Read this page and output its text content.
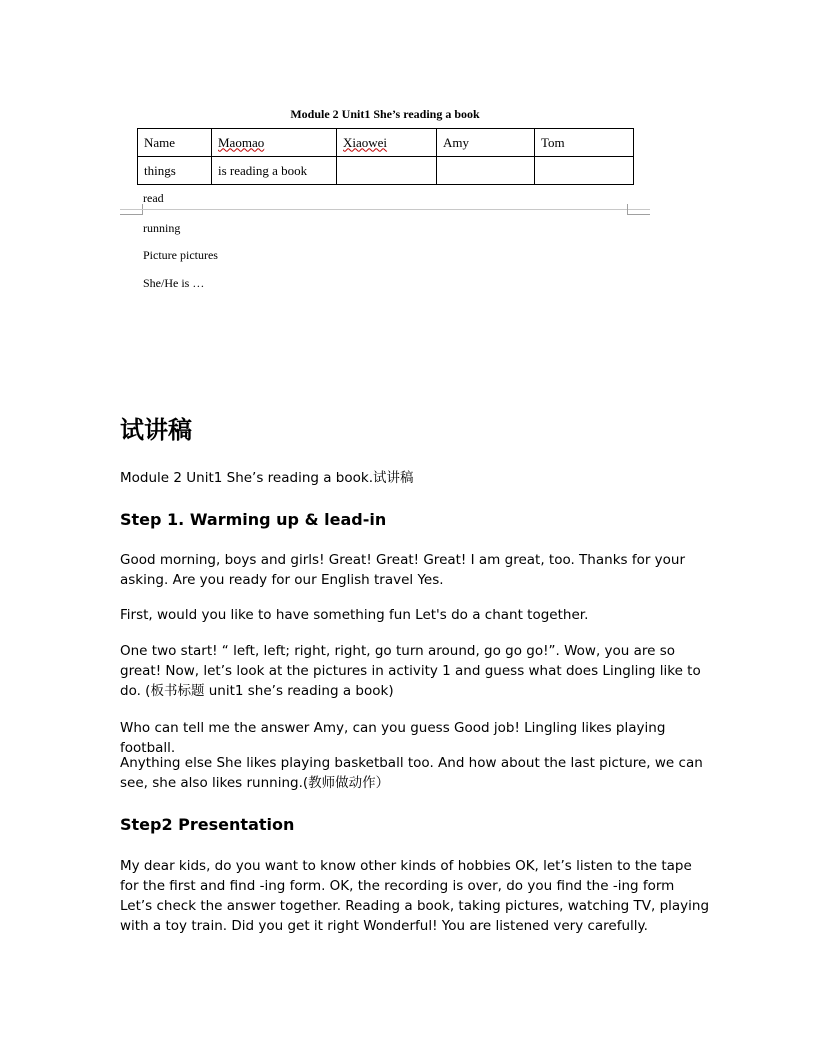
Module 2 Unit1 She’s reading a book
Name	Maomao	Xiaowei	Amy	Tom
things	is reading a book			
read
running
Picture pictures
She/He is …
试讲稿

Module 2 Unit1 She’s reading a book.试讲稿

Step 1. Warming up & lead-in

Good morning, boys and girls! Great! Great! Great! I am great, too. Thanks for your asking. Are you ready for our English travel Yes.

First, would you like to have something fun Let's do a chant together.

One two start! “ left, left; right, right, go turn around, go go go!”. Wow, you are so great! Now, let’s look at the pictures in activity 1 and guess what does Lingling like to do. (板书标题 unit1 she’s reading a book)

Who can tell me the answer Amy, can you guess Good job! Lingling likes playing football.

Anything else She likes playing basketball too. And how about the last picture, we can see, she also likes running.(教师做动作）

Step2 Presentation

My dear kids, do you want to know other kinds of hobbies OK, let’s listen to the tape for the first and find -ing form. OK, the recording is over, do you find the -ing form Let’s check the answer together. Reading a book, taking pictures, watching TV, playing with a toy train. Did you get it right Wonderful! You are listened very carefully.
